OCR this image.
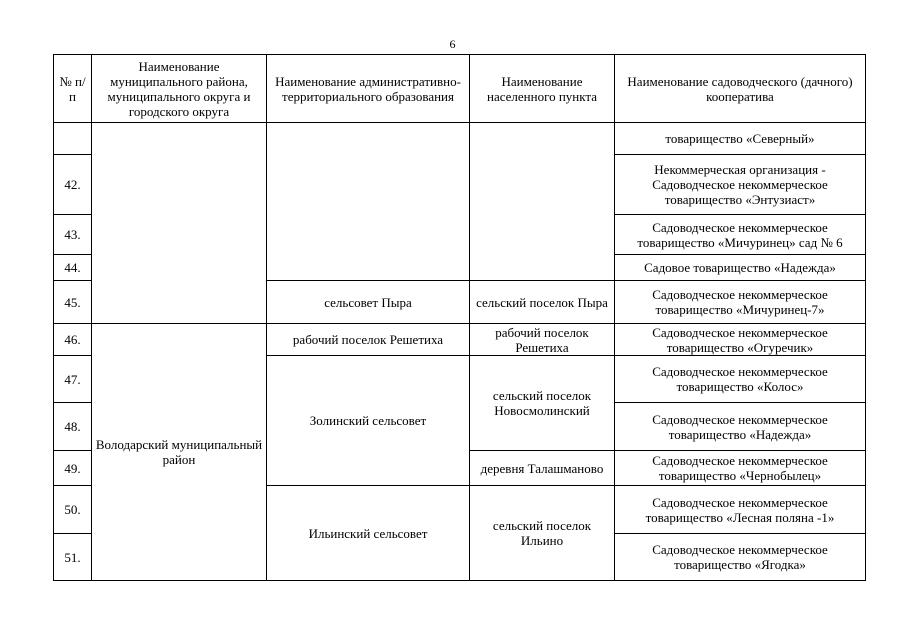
6
№ п/п	Наименование муниципального района, муниципального округа и городского округа	Наименование административно-территориального образования	Наименование населенного пункта	Наименование садоводческого (дачного) кооператива
				товарищество «Северный»
42.				Некоммерческая организация - Садоводческое некоммерческое товарищество «Энтузиаст»
43.				Садоводческое некоммерческое товарищество «Мичуринец» сад № 6
44.				Садовое товарищество «Надежда»
45.		сельсовет Пыра	сельский поселок Пыра	Садоводческое некоммерческое товарищество «Мичуринец-7»
46.	Володарский муниципальный район	рабочий поселок Решетиха	рабочий поселок Решетиха	Садоводческое некоммерческое товарищество «Огуречик»
47.		Золинский сельсовет	сельский поселок Новосмолинский	Садоводческое некоммерческое товарищество «Колос»
48.				Садоводческое некоммерческое товарищество «Надежда»
49.			деревня Талашманово	Садоводческое некоммерческое товарищество «Чернобылец»
50.		Ильинский сельсовет	сельский поселок Ильино	Садоводческое некоммерческое товарищество «Лесная поляна -1»
51.				Садоводческое некоммерческое товарищество «Ягодка»
